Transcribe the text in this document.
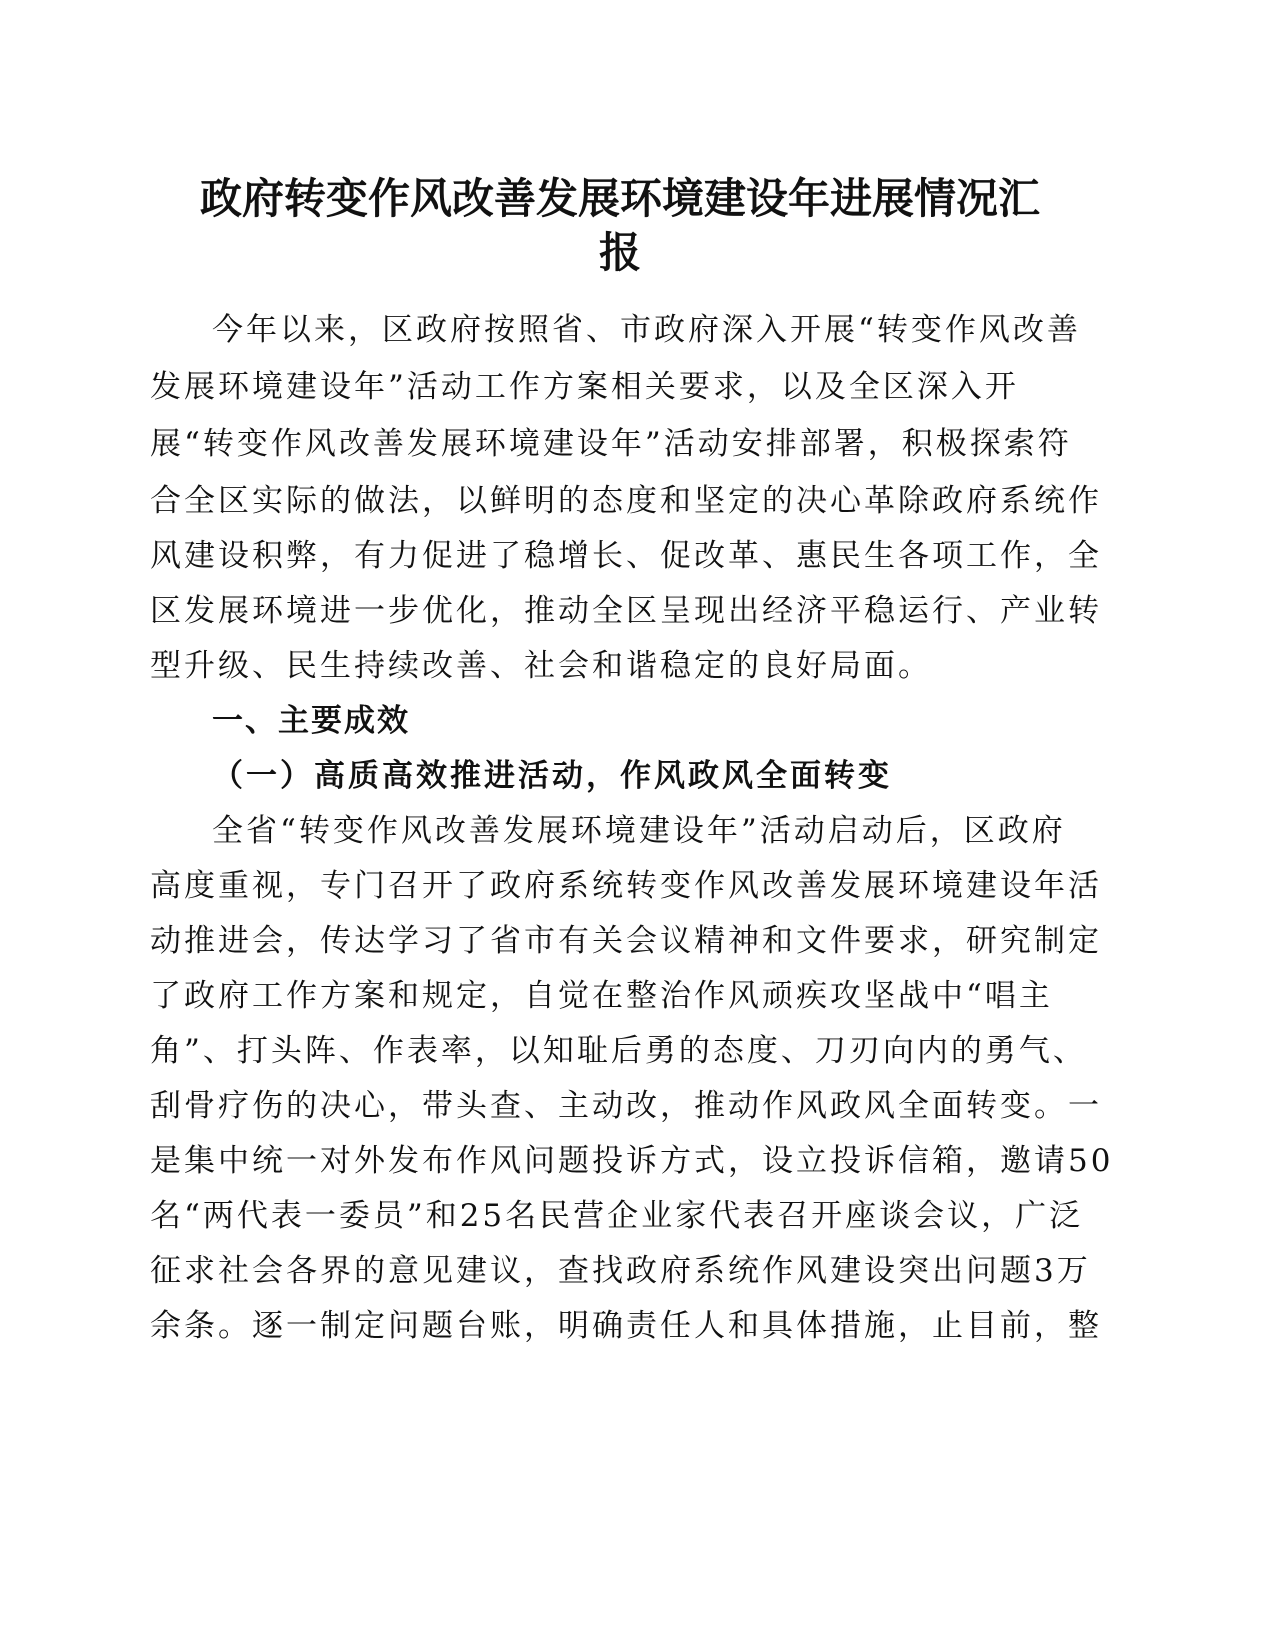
政府转变作风改善发展环境建设年进展情况汇
报

今年以来，区政府按照省、市政府深入开展“转变作风改善

发展环境建设年”活动工作方案相关要求，以及全区深入开

展“转变作风改善发展环境建设年”活动安排部署，积极探索符

合全区实际的做法，以鲜明的态度和坚定的决心革除政府系统作

风建设积弊，有力促进了稳增长、促改革、惠民生各项工作，全

区发展环境进一步优化，推动全区呈现出经济平稳运行、产业转

型升级、民生持续改善、社会和谐稳定的良好局面。

一、主要成效
（一）高质高效推进活动，作风政风全面转变

全省“转变作风改善发展环境建设年”活动启动后，区政府

高度重视，专门召开了政府系统转变作风改善发展环境建设年活

动推进会，传达学习了省市有关会议精神和文件要求，研究制定

了政府工作方案和规定，自觉在整治作风顽疾攻坚战中“唱主

角”、打头阵、作表率，以知耻后勇的态度、刀刃向内的勇气、

刮骨疗伤的决心，带头查、主动改，推动作风政风全面转变。一

是集中统一对外发布作风问题投诉方式，设立投诉信箱，邀请50

名“两代表一委员”和25名民营企业家代表召开座谈会议，广泛

征求社会各界的意见建议，查找政府系统作风建设突出问题3万

余条。逐一制定问题台账，明确责任人和具体措施，止目前，整
